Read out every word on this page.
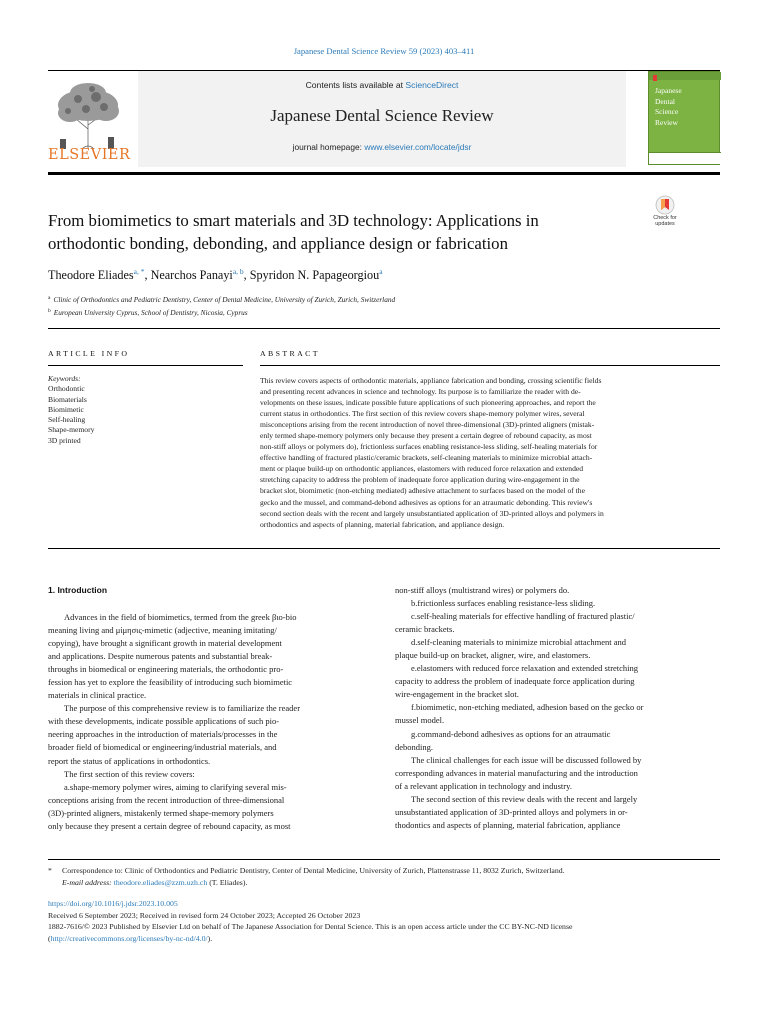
Japanese Dental Science Review 59 (2023) 403–411
ELSEVIER
Contents lists available at ScienceDirect
Japanese Dental Science Review
journal homepage: www.elsevier.com/locate/jdsr
Japanese
Dental
Science
Review
From biomimetics to smart materials and 3D technology: Applications in
orthodontic bonding, debonding, and appliance design or fabrication
Check for updates
Theodore Eliades$^{a, *}$, Nearchos Panayi$^{a, b}$, Spyridon N. Papageorgiou$^a$
$^a$ Clinic of Orthodontics and Pediatric Dentistry, Center of Dental Medicine, University of Zurich, Zurich, Switzerland
$^b$ European University Cyprus, School of Dentistry, Nicosia, Cyprus
ARTICLE INFO	ABSTRACT
Keywords:
Orthodontic
Biomaterials
Biomimetic
Self-healing
Shape-memory
3D printed
This review covers aspects of orthodontic materials, appliance fabrication and bonding, crossing scientific fields
and presenting recent advances in science and technology. Its purpose is to familiarize the reader with de-
velopments on these issues, indicate possible future applications of such pioneering approaches, and report the
current status in orthodontics. The first section of this review covers shape-memory polymer wires, several
misconceptions arising from the recent introduction of novel three-dimensional (3D)-printed aligners (mistak-
enly termed shape-memory polymers only because they present a certain degree of rebound capacity, as most
non-stiff alloys or polymers do), frictionless surfaces enabling resistance-less sliding, self-healing materials for
effective handling of fractured plastic/ceramic brackets, self-cleaning materials to minimize microbial attach-
ment or plaque build-up on orthodontic appliances, elastomers with reduced force relaxation and extended
stretching capacity to address the problem of inadequate force application during wire-engagement in the
bracket slot, biomimetic (non-etching mediated) adhesive attachment to surfaces based on the model of the
gecko and the mussel, and command-debond adhesives as options for an atraumatic debonding. This review's
second section deals with the recent and largely unsubstantiated application of 3D-printed alloys and polymers in
orthodontics and aspects of planning, material fabrication, and appliance design.
1. Introduction
Advances in the field of biomimetics, termed from the greek βιο-bio
meaning living and μίμησις-mimetic (adjective, meaning imitating/
copying), have brought a significant growth in material development
and applications. Despite numerous patents and substantial break-
throughs in biomedical or engineering materials, the orthodontic pro-
fession has yet to explore the feasibility of introducing such biomimetic
materials in clinical practice.
The purpose of this comprehensive review is to familiarize the reader
with these developments, indicate possible applications of such pio-
neering approaches in the introduction of materials/processes in the
broader field of biomedical or engineering/industrial materials, and
report the status of applications in orthodontics.
The first section of this review covers:
a.shape-memory polymer wires, aiming to clarifying several mis-
conceptions arising from the recent introduction of three-dimensional
(3D)-printed aligners, mistakenly termed shape-memory polymers
only because they present a certain degree of rebound capacity, as most
non-stiff alloys (multistrand wires) or polymers do.
b.frictionless surfaces enabling resistance-less sliding.
c.self-healing materials for effective handling of fractured plastic/
ceramic brackets.
d.self-cleaning materials to minimize microbial attachment and
plaque build-up on bracket, aligner, wire, and elastomers.
e.elastomers with reduced force relaxation and extended stretching
capacity to address the problem of inadequate force application during
wire-engagement in the bracket slot.
f.biomimetic, non-etching mediated, adhesion based on the gecko or
mussel model.
g.command-debond adhesives as options for an atraumatic
debonding.
The clinical challenges for each issue will be discussed followed by
corresponding advances in material manufacturing and the introduction
of a relevant application in technology and industry.
The second section of this review deals with the recent and largely
unsubstantiated application of 3D-printed alloys and polymers in or-
thodontics and aspects of planning, material fabrication, appliance
* Correspondence to: Clinic of Orthodontics and Pediatric Dentistry, Center of Dental Medicine, University of Zurich, Plattenstrasse 11, 8032 Zurich, Switzerland.
E-mail address: theodore.eliades@zzm.uzh.ch (T. Eliades).
https://doi.org/10.1016/j.jdsr.2023.10.005
Received 6 September 2023; Received in revised form 24 October 2023; Accepted 26 October 2023
1882-7616/© 2023 Published by Elsevier Ltd on behalf of The Japanese Association for Dental Science. This is an open access article under the CC BY-NC-ND license
(http://creativecommons.org/licenses/by-nc-nd/4.0/).
